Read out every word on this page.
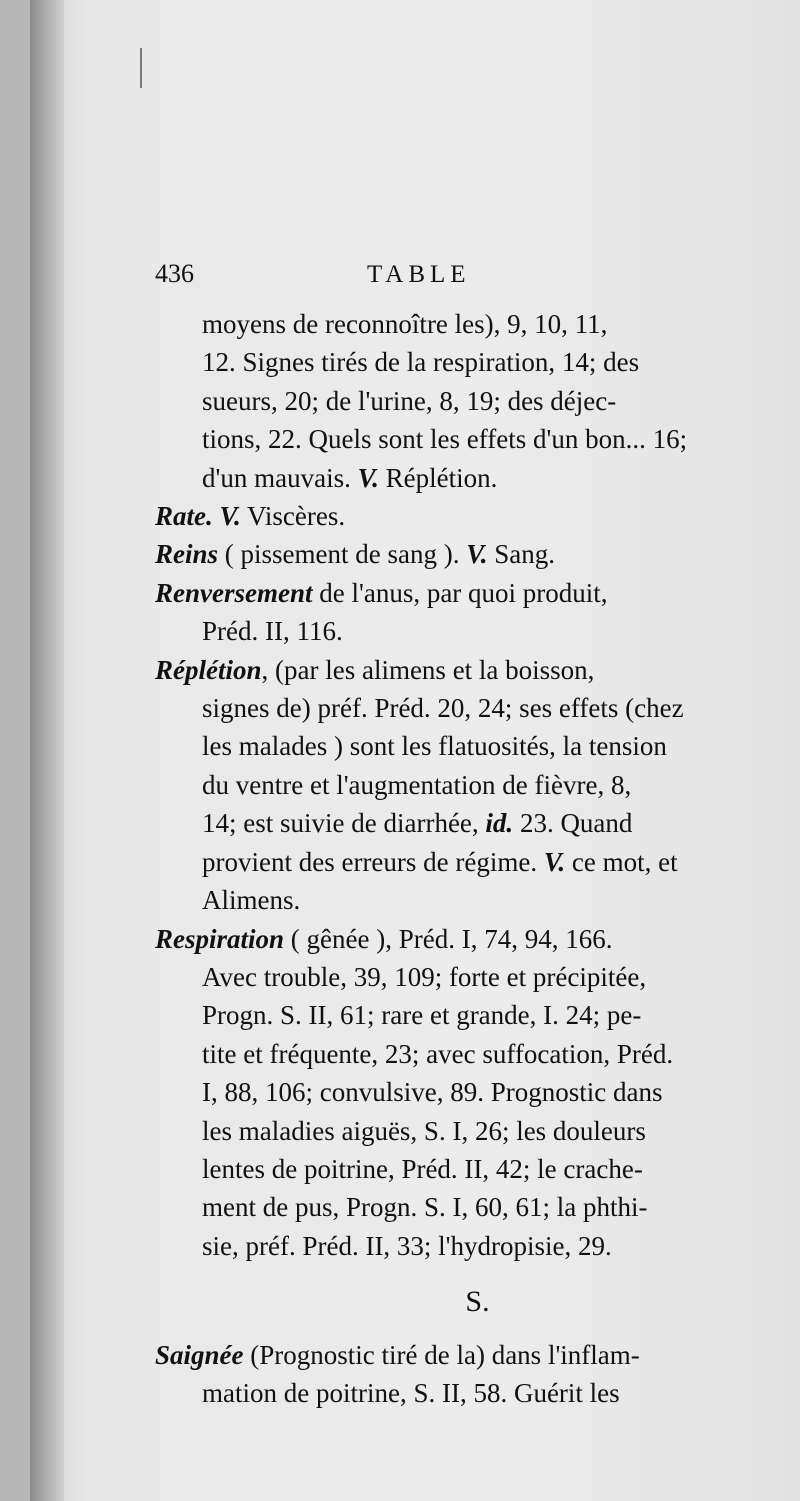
436	TABLE
moyens de reconnoître les), 9, 10, 11,
12. Signes tirés de la respiration, 14; des
sueurs, 20; de l'urine, 8, 19; des déjec-
tions, 22. Quels sont les effets d'un bon... 16;
d'un mauvais. V. Réplétion.
Rate. V. Viscères.
Reins ( pissement de sang ). V. Sang.
Renversement de l'anus, par quoi produit,
Préd. II, 116.
Réplétion, (par les alimens et la boisson,
signes de) préf. Préd. 20, 24; ses effets (chez
les malades ) sont les flatuosités, la tension
du ventre et l'augmentation de fièvre, 8,
14; est suivie de diarrhée, id. 23. Quand
provient des erreurs de régime. V. ce mot, et
Alimens.
Respiration ( gênée ), Préd. I, 74, 94, 166.
Avec trouble, 39, 109; forte et précipitée,
Progn. S. II, 61; rare et grande, I. 24; pe-
tite et fréquente, 23; avec suffocation, Préd.
I, 88, 106; convulsive, 89. Prognostic dans
les maladies aiguës, S. I, 26; les douleurs
lentes de poitrine, Préd. II, 42; le crache-
ment de pus, Progn. S. I, 60, 61; la phthi-
sie, préf. Préd. II, 33; l'hydropisie, 29.
S.
Saignée (Prognostic tiré de la) dans l'inflam-
mation de poitrine, S. II, 58. Guérit les
